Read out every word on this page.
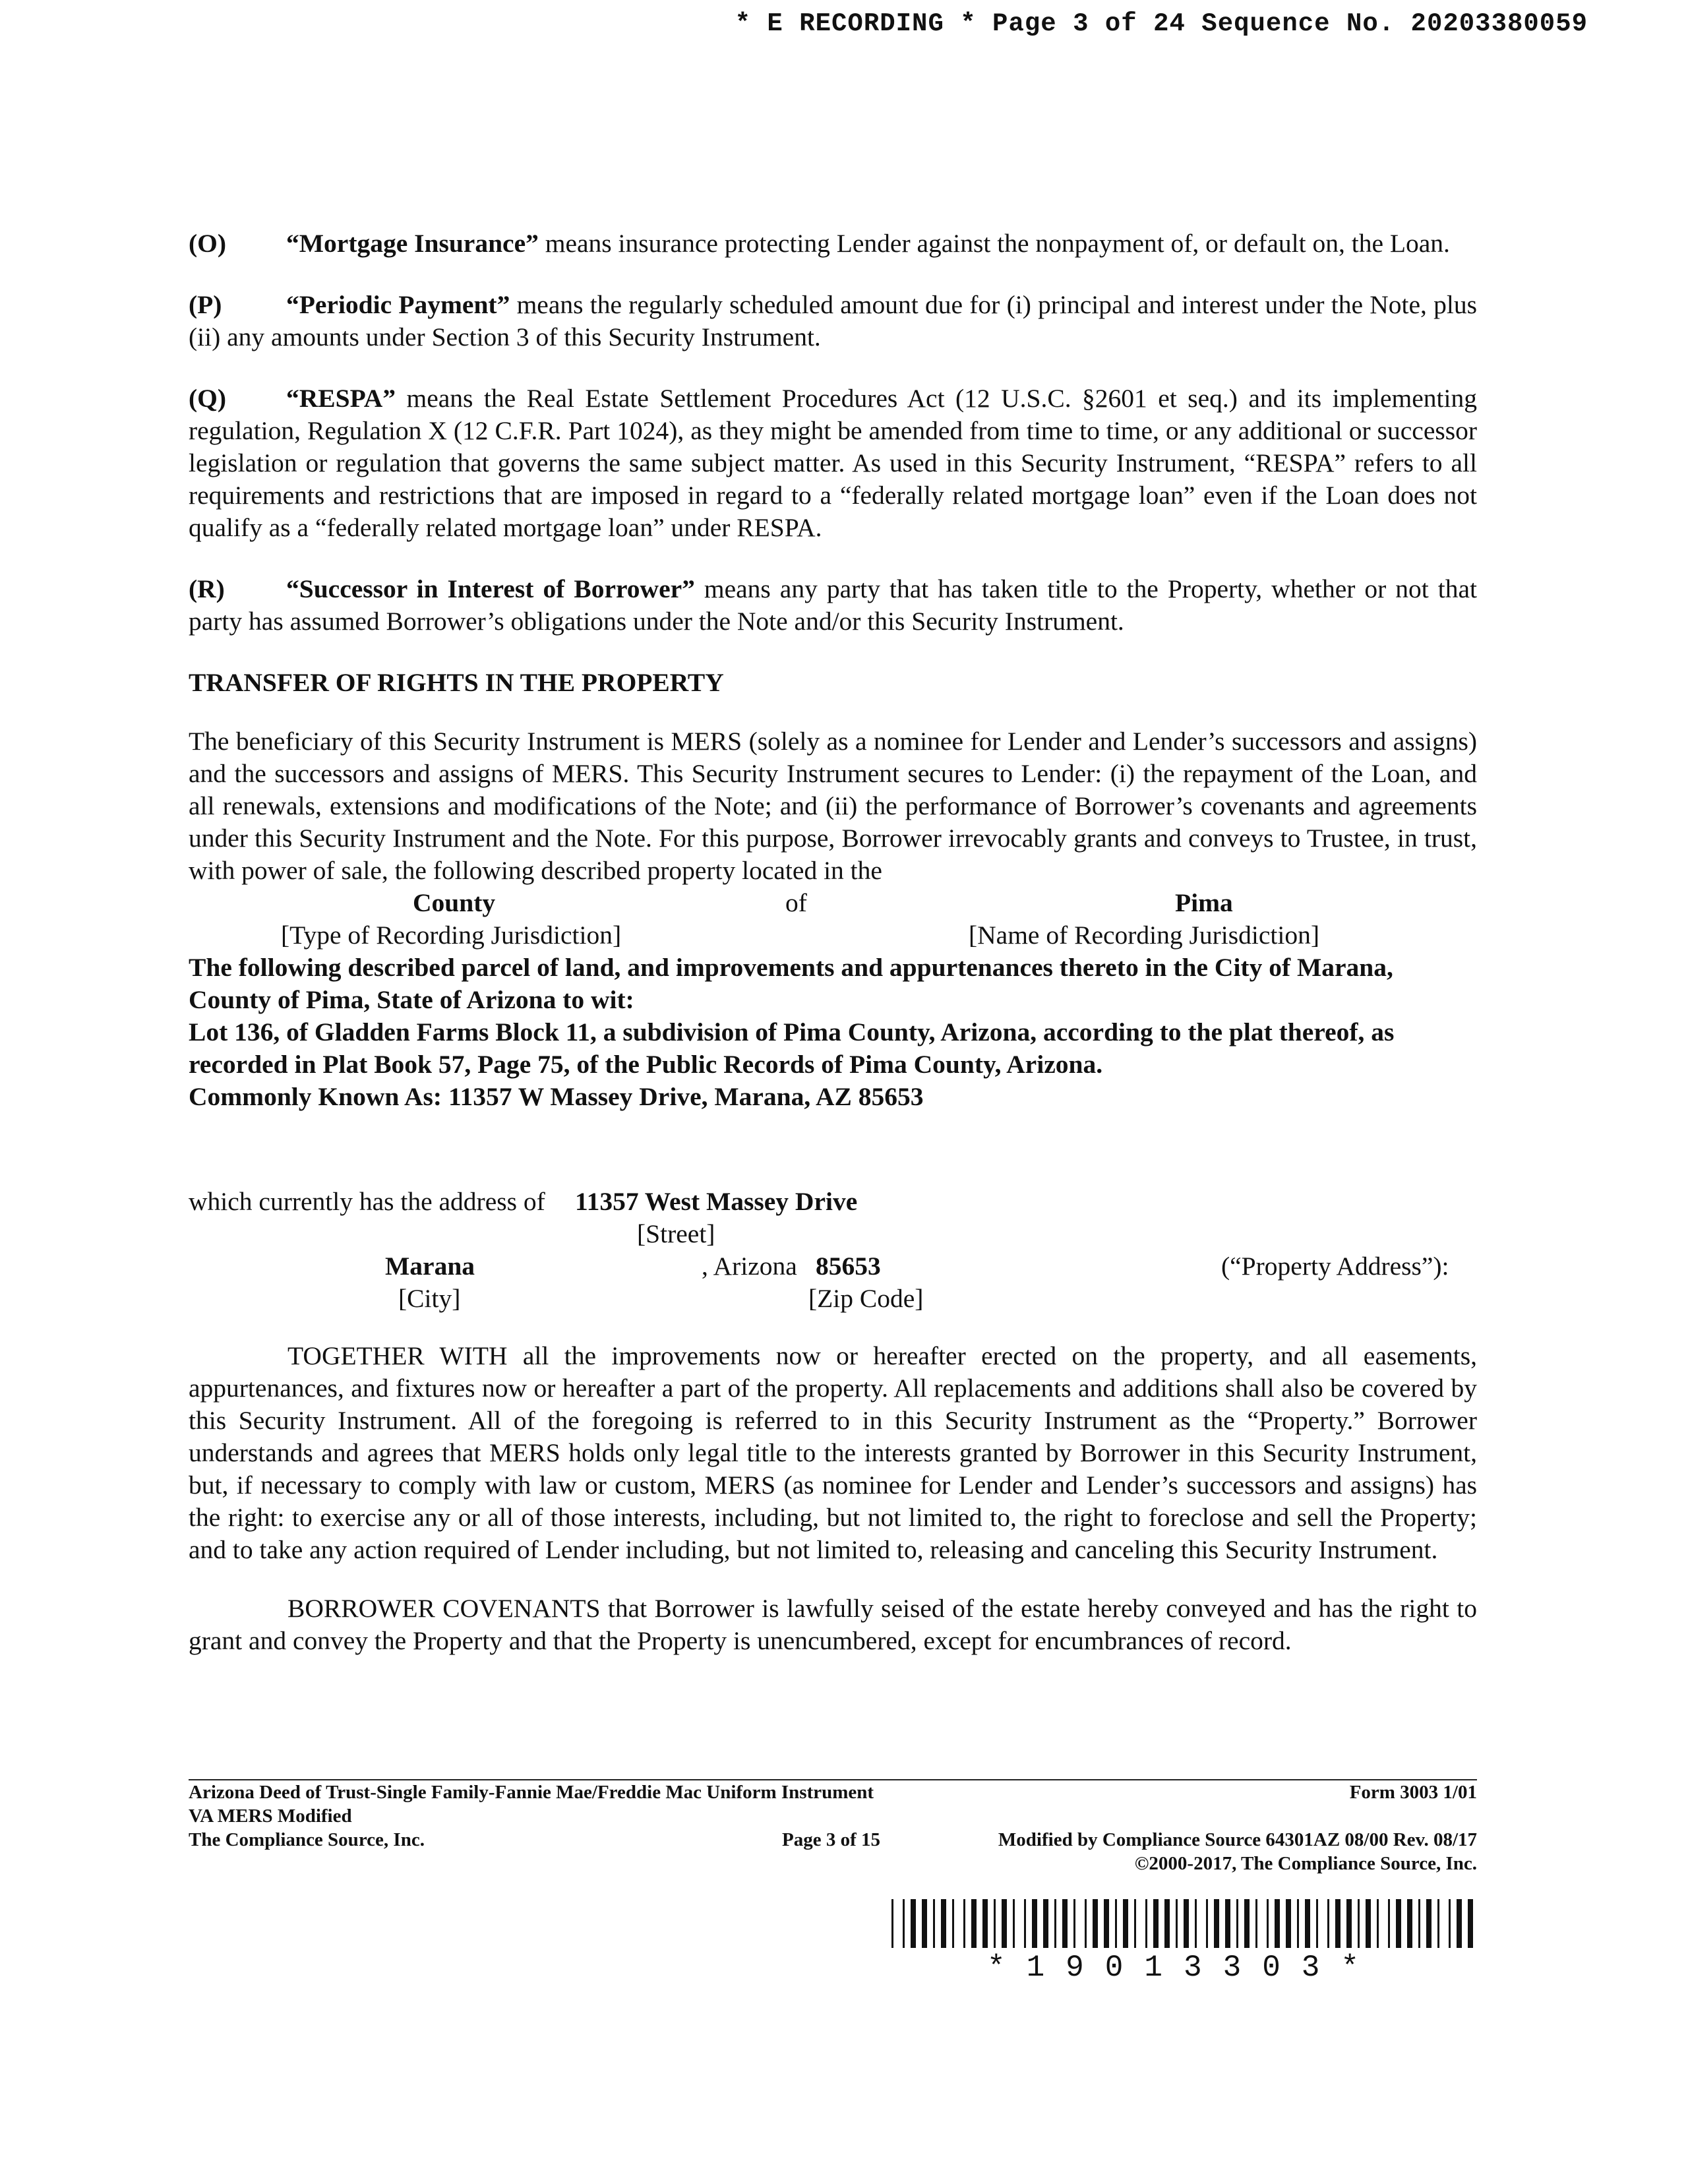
* E RECORDING * Page 3 of 24 Sequence No. 20203380059

(O) “Mortgage Insurance” means insurance protecting Lender against the nonpayment of, or default on, the Loan.

(P) “Periodic Payment” means the regularly scheduled amount due for (i) principal and interest under the Note, plus (ii) any amounts under Section 3 of this Security Instrument.

(Q) “RESPA” means the Real Estate Settlement Procedures Act (12 U.S.C. §2601 et seq.) and its implementing regulation, Regulation X (12 C.F.R. Part 1024), as they might be amended from time to time, or any additional or successor legislation or regulation that governs the same subject matter. As used in this Security Instrument, “RESPA” refers to all requirements and restrictions that are imposed in regard to a “federally related mortgage loan” even if the Loan does not qualify as a “federally related mortgage loan” under RESPA.

(R) “Successor in Interest of Borrower” means any party that has taken title to the Property, whether or not that party has assumed Borrower’s obligations under the Note and/or this Security Instrument.

TRANSFER OF RIGHTS IN THE PROPERTY

The beneficiary of this Security Instrument is MERS (solely as a nominee for Lender and Lender’s successors and assigns) and the successors and assigns of MERS. This Security Instrument secures to Lender: (i) the repayment of the Loan, and all renewals, extensions and modifications of the Note; and (ii) the performance of Borrower’s covenants and agreements under this Security Instrument and the Note. For this purpose, Borrower irrevocably grants and conveys to Trustee, in trust, with power of sale, the following described property located in the

County	of	Pima
[Type of Recording Jurisdiction]	[Name of Recording Jurisdiction]

The following described parcel of land, and improvements and appurtenances thereto in the City of Marana, County of Pima, State of Arizona to wit:

Lot 136, of Gladden Farms Block 11, a subdivision of Pima County, Arizona, according to the plat thereof, as

recorded in Plat Book 57, Page 75, of the Public Records of Pima County, Arizona.

Commonly Known As: 11357 W Massey Drive, Marana, AZ 85653

which currently has the address of 11357 West Massey Drive
[Street]
Marana	, Arizona 85653	(“Property Address”):
[City]	[Zip Code]

TOGETHER WITH all the improvements now or hereafter erected on the property, and all easements, appurtenances, and fixtures now or hereafter a part of the property. All replacements and additions shall also be covered by this Security Instrument. All of the foregoing is referred to in this Security Instrument as the “Property.” Borrower understands and agrees that MERS holds only legal title to the interests granted by Borrower in this Security Instrument, but, if necessary to comply with law or custom, MERS (as nominee for Lender and Lender’s successors and assigns) has the right: to exercise any or all of those interests, including, but not limited to, the right to foreclose and sell the Property; and to take any action required of Lender including, but not limited to, releasing and canceling this Security Instrument.

BORROWER COVENANTS that Borrower is lawfully seised of the estate hereby conveyed and has the right to grant and convey the Property and that the Property is unencumbered, except for encumbrances of record.

Arizona Deed of Trust-Single Family-Fannie Mae/Freddie Mac Uniform Instrument	Form 3003 1/01
VA MERS Modified
The Compliance Source, Inc.	Page 3 of 15	Modified by Compliance Source 64301AZ 08/00 Rev. 08/17
©2000-2017, The Compliance Source, Inc.
*19013303*
